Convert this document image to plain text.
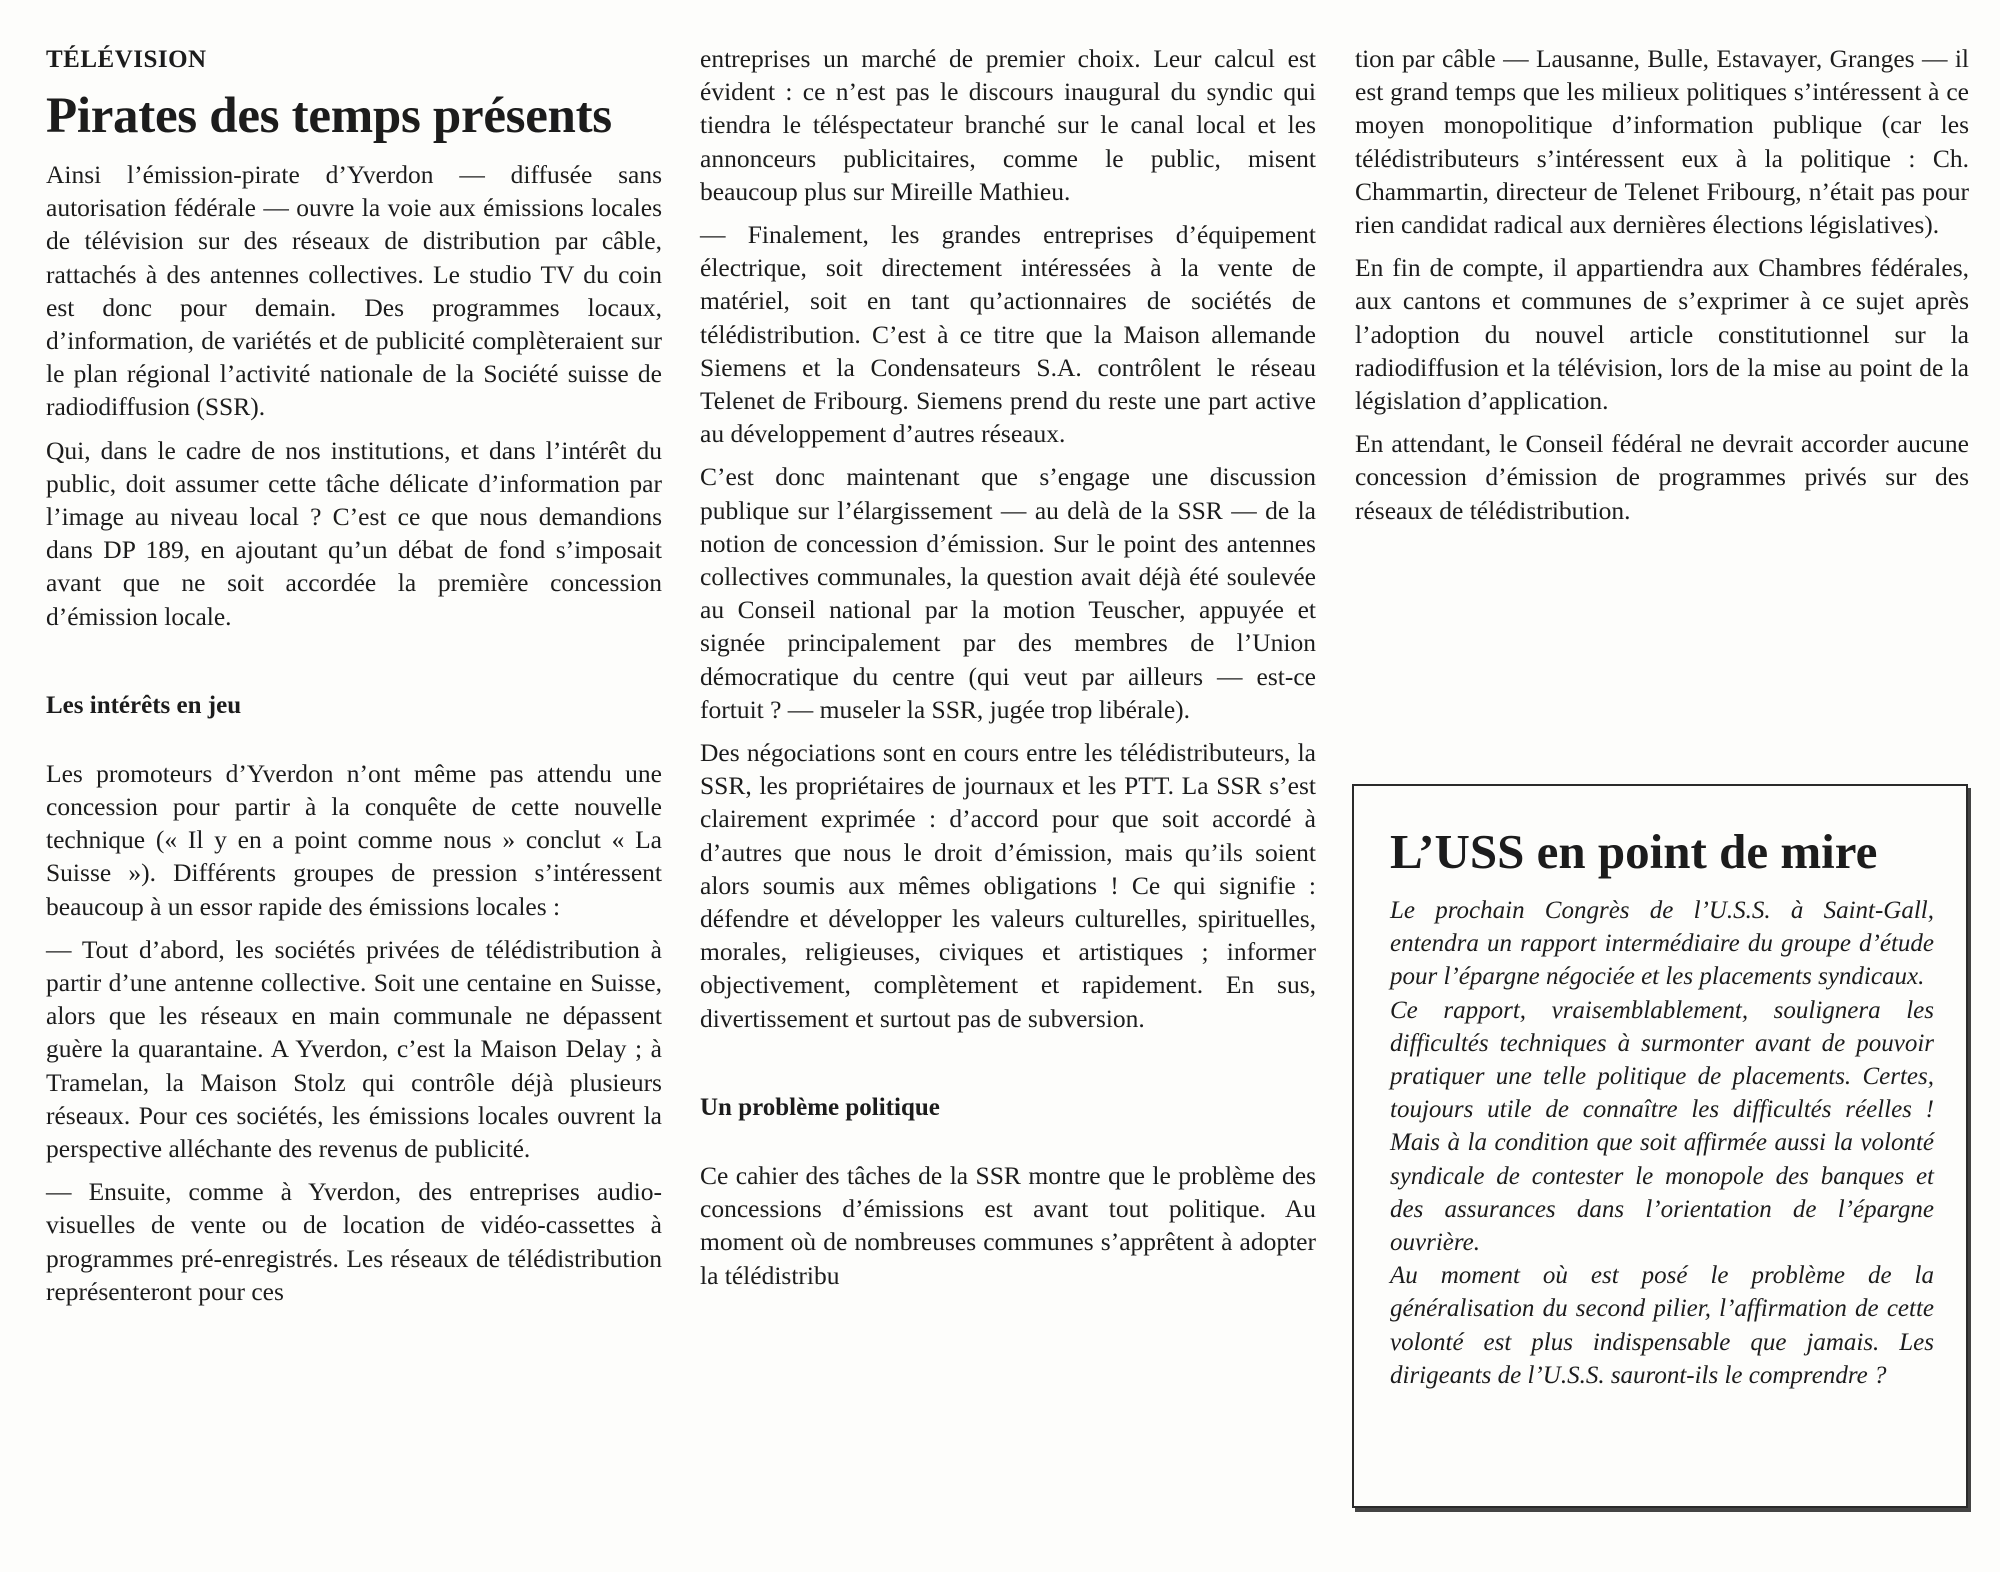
TÉLÉVISION
Pirates des temps présents

Ainsi l’émission-pirate d’Yverdon — diffusée sans autorisation fédérale — ouvre la voie aux émissions locales de télévision sur des réseaux de distribution par câble, rattachés à des antennes collectives. Le studio TV du coin est donc pour demain. Des programmes locaux, d’information, de variétés et de publicité complèteraient sur le plan régional l’activité nationale de la Société suisse de radiodiffusion (SSR).

Qui, dans le cadre de nos institutions, et dans l’intérêt du public, doit assumer cette tâche délicate d’information par l’image au niveau local ? C’est ce que nous demandions dans DP 189, en ajoutant qu’un débat de fond s’imposait avant que ne soit accordée la première concession d’émission locale.

Les intérêts en jeu

Les promoteurs d’Yverdon n’ont même pas attendu une concession pour partir à la conquête de cette nouvelle technique (« Il y en a point comme nous » conclut « La Suisse »). Différents groupes de pression s’intéressent beaucoup à un essor rapide des émissions locales :

— Tout d’abord, les sociétés privées de télédistribution à partir d’une antenne collective. Soit une centaine en Suisse, alors que les réseaux en main communale ne dépassent guère la quarantaine. A Yverdon, c’est la Maison Delay ; à Tramelan, la Maison Stolz qui contrôle déjà plusieurs réseaux. Pour ces sociétés, les émissions locales ouvrent la perspective alléchante des revenus de publicité.

— Ensuite, comme à Yverdon, des entreprises audio-visuelles de vente ou de location de vidéo-cassettes à programmes pré-enregistrés. Les réseaux de télédistribution représenteront pour ces

entreprises un marché de premier choix. Leur calcul est évident : ce n’est pas le discours inaugural du syndic qui tiendra le téléspectateur branché sur le canal local et les annonceurs publicitaires, comme le public, misent beaucoup plus sur Mireille Mathieu.

— Finalement, les grandes entreprises d’équipement électrique, soit directement intéressées à la vente de matériel, soit en tant qu’actionnaires de sociétés de télédistribution. C’est à ce titre que la Maison allemande Siemens et la Condensateurs S.A. contrôlent le réseau Telenet de Fribourg. Siemens prend du reste une part active au développement d’autres réseaux.

C’est donc maintenant que s’engage une discussion publique sur l’élargissement — au delà de la SSR — de la notion de concession d’émission. Sur le point des antennes collectives communales, la question avait déjà été soulevée au Conseil national par la motion Teuscher, appuyée et signée principalement par des membres de l’Union démocratique du centre (qui veut par ailleurs — est-ce fortuit ? — museler la SSR, jugée trop libérale).

Des négociations sont en cours entre les télédistributeurs, la SSR, les propriétaires de journaux et les PTT. La SSR s’est clairement exprimée : d’accord pour que soit accordé à d’autres que nous le droit d’émission, mais qu’ils soient alors soumis aux mêmes obligations ! Ce qui signifie : défendre et développer les valeurs culturelles, spirituelles, morales, religieuses, civiques et artistiques ; informer objectivement, complètement et rapidement. En sus, divertissement et surtout pas de subversion.

Un problème politique

Ce cahier des tâches de la SSR montre que le problème des concessions d’émissions est avant tout politique. Au moment où de nombreuses communes s’apprêtent à adopter la télédistribu

tion par câble — Lausanne, Bulle, Estavayer, Granges — il est grand temps que les milieux politiques s’intéressent à ce moyen monopolitique d’information publique (car les télédistributeurs s’intéressent eux à la politique : Ch. Chammartin, directeur de Telenet Fribourg, n’était pas pour rien candidat radical aux dernières élections législatives).

En fin de compte, il appartiendra aux Chambres fédérales, aux cantons et communes de s’exprimer à ce sujet après l’adoption du nouvel article constitutionnel sur la radiodiffusion et la télévision, lors de la mise au point de la législation d’application.

En attendant, le Conseil fédéral ne devrait accorder aucune concession d’émission de programmes privés sur des réseaux de télédistribution.

L’USS en point de mire

Le prochain Congrès de l’U.S.S. à Saint-Gall, entendra un rapport intermédiaire du groupe d’étude pour l’épargne négociée et les placements syndicaux.

Ce rapport, vraisemblablement, soulignera les difficultés techniques à surmonter avant de pouvoir pratiquer une telle politique de placements. Certes, toujours utile de connaître les difficultés réelles ! Mais à la condition que soit affirmée aussi la volonté syndicale de contester le monopole des banques et des assurances dans l’orientation de l’épargne ouvrière.

Au moment où est posé le problème de la généralisation du second pilier, l’affirmation de cette volonté est plus indispensable que jamais. Les dirigeants de l’U.S.S. sauront-ils le comprendre ?
